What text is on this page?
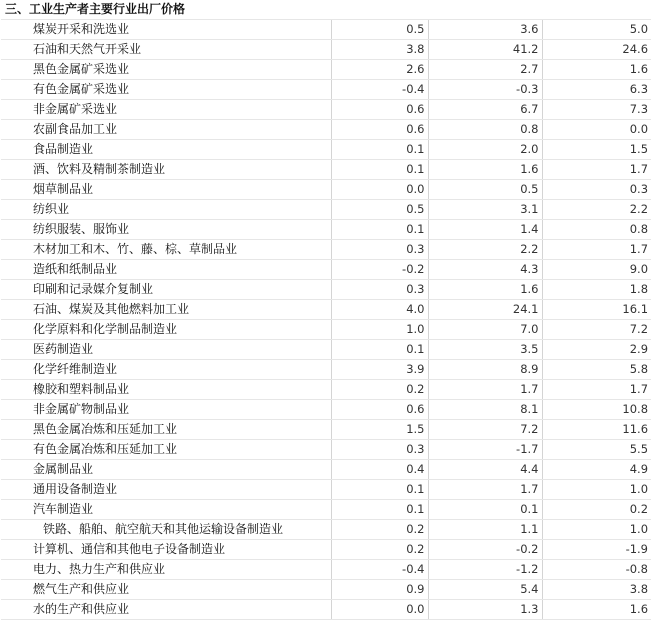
三、工业生产者主要行业出厂价格			
煤炭开采和洗选业	0.5	3.6	5.0
石油和天然气开采业	3.8	41.2	24.6
黑色金属矿采选业	2.6	2.7	1.6
有色金属矿采选业	-0.4	-0.3	6.3
非金属矿采选业	0.6	6.7	7.3
农副食品加工业	0.6	0.8	0.0
食品制造业	0.1	2.0	1.5
酒、饮料及精制茶制造业	0.1	1.6	1.7
烟草制品业	0.0	0.5	0.3
纺织业	0.5	3.1	2.2
纺织服装、服饰业	0.1	1.4	0.8
木材加工和木、竹、藤、棕、草制品业	0.3	2.2	1.7
造纸和纸制品业	-0.2	4.3	9.0
印刷和记录媒介复制业	0.3	1.6	1.8
石油、煤炭及其他燃料加工业	4.0	24.1	16.1
化学原料和化学制品制造业	1.0	7.0	7.2
医药制造业	0.1	3.5	2.9
化学纤维制造业	3.9	8.9	5.8
橡胶和塑料制品业	0.2	1.7	1.7
非金属矿物制品业	0.6	8.1	10.8
黑色金属冶炼和压延加工业	1.5	7.2	11.6
有色金属冶炼和压延加工业	0.3	-1.7	5.5
金属制品业	0.4	4.4	4.9
通用设备制造业	0.1	1.7	1.0
汽车制造业	0.1	0.1	0.2
铁路、船舶、航空航天和其他运输设备制造业	0.2	1.1	1.0
计算机、通信和其他电子设备制造业	0.2	-0.2	-1.9
电力、热力生产和供应业	-0.4	-1.2	-0.8
燃气生产和供应业	0.9	5.4	3.8
水的生产和供应业	0.0	1.3	1.6
